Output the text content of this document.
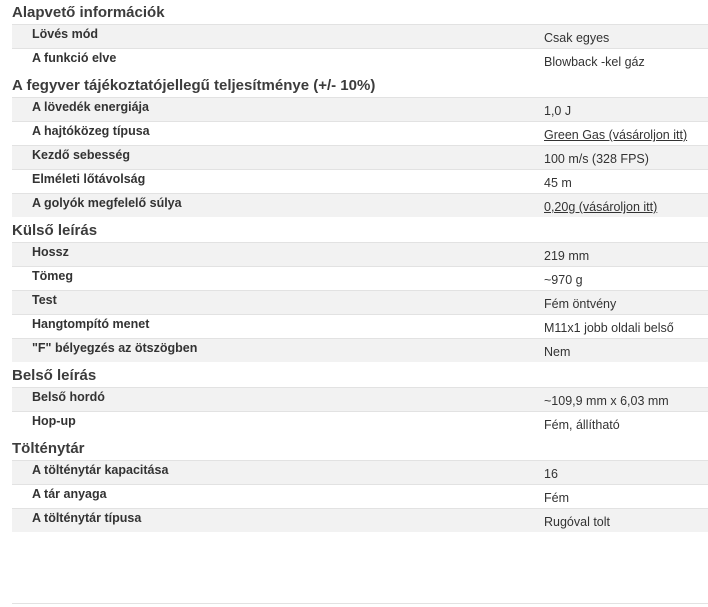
Alapvető információk
Lövés mód	Csak egyes
A funkció elve	Blowback -kel gáz
A fegyver tájékoztatójellegű teljesítménye (+/- 10%)
A lövedék energiája	1,0 J
A hajtóközeg típusa	Green Gas (vásároljon itt)
Kezdő sebesség	100 m/s (328 FPS)
Elméleti lőtávolság	45 m
A golyók megfelelő súlya	0,20g (vásároljon itt)
Külső leírás
Hossz	219 mm
Tömeg	~970 g
Test	Fém öntvény
Hangtompító menet	M11x1 jobb oldali belső
"F" bélyegzés az ötszögben	Nem
Belső leírás
Belső hordó	~109,9 mm x 6,03 mm
Hop-up	Fém, állítható
Tölténytár
A tölténytár kapacitása	16
A tár anyaga	Fém
A tölténytár típusa	Rugóval tolt
